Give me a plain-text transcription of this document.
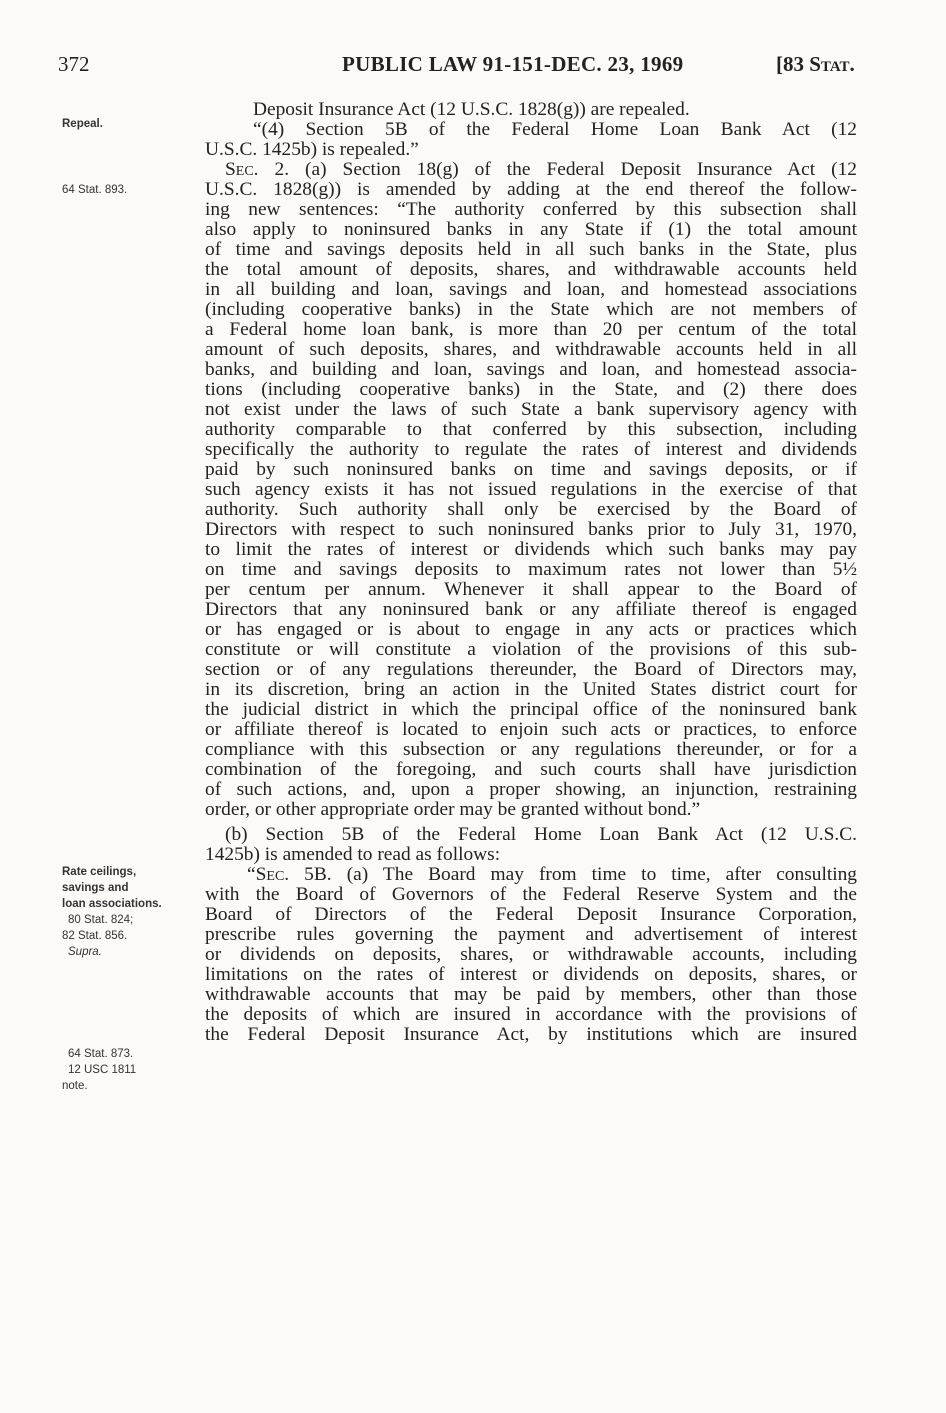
372	PUBLIC LAW 91-151-DEC. 23, 1969	[83 Stat.
Repeal.
64 Stat. 893.
Rate ceilings,
savings and
loan associations.
80 Stat. 824;
82 Stat. 856.
Supra.
64 Stat. 873.
12 USC 1811
note.
Deposit Insurance Act (12 U.S.C. 1828(g)) are repealed.
“(4) Section 5B of the Federal Home Loan Bank Act (12
U.S.C. 1425b) is repealed.”
Sec. 2. (a) Section 18(g) of the Federal Deposit Insurance Act (12
U.S.C. 1828(g)) is amended by adding at the end thereof the follow-
ing new sentences: “The authority conferred by this subsection shall
also apply to noninsured banks in any State if (1) the total amount
of time and savings deposits held in all such banks in the State, plus
the total amount of deposits, shares, and withdrawable accounts held
in all building and loan, savings and loan, and homestead associations
(including cooperative banks) in the State which are not members of
a Federal home loan bank, is more than 20 per centum of the total
amount of such deposits, shares, and withdrawable accounts held in all
banks, and building and loan, savings and loan, and homestead associa-
tions (including cooperative banks) in the State, and (2) there does
not exist under the laws of such State a bank supervisory agency with
authority comparable to that conferred by this subsection, including
specifically the authority to regulate the rates of interest and dividends
paid by such noninsured banks on time and savings deposits, or if
such agency exists it has not issued regulations in the exercise of that
authority. Such authority shall only be exercised by the Board of
Directors with respect to such noninsured banks prior to July 31, 1970,
to limit the rates of interest or dividends which such banks may pay
on time and savings deposits to maximum rates not lower than 5½
per centum per annum. Whenever it shall appear to the Board of
Directors that any noninsured bank or any affiliate thereof is engaged
or has engaged or is about to engage in any acts or practices which
constitute or will constitute a violation of the provisions of this sub-
section or of any regulations thereunder, the Board of Directors may,
in its discretion, bring an action in the United States district court for
the judicial district in which the principal office of the noninsured bank
or affiliate thereof is located to enjoin such acts or practices, to enforce
compliance with this subsection or any regulations thereunder, or for a
combination of the foregoing, and such courts shall have jurisdiction
of such actions, and, upon a proper showing, an injunction, restraining
order, or other appropriate order may be granted without bond.”
(b) Section 5B of the Federal Home Loan Bank Act (12 U.S.C.
1425b) is amended to read as follows:
“Sec. 5B. (a) The Board may from time to time, after consulting
with the Board of Governors of the Federal Reserve System and the
Board of Directors of the Federal Deposit Insurance Corporation,
prescribe rules governing the payment and advertisement of interest
or dividends on deposits, shares, or withdrawable accounts, including
limitations on the rates of interest or dividends on deposits, shares, or
withdrawable accounts that may be paid by members, other than those
the deposits of which are insured in accordance with the provisions of
the Federal Deposit Insurance Act, by institutions which are insured
